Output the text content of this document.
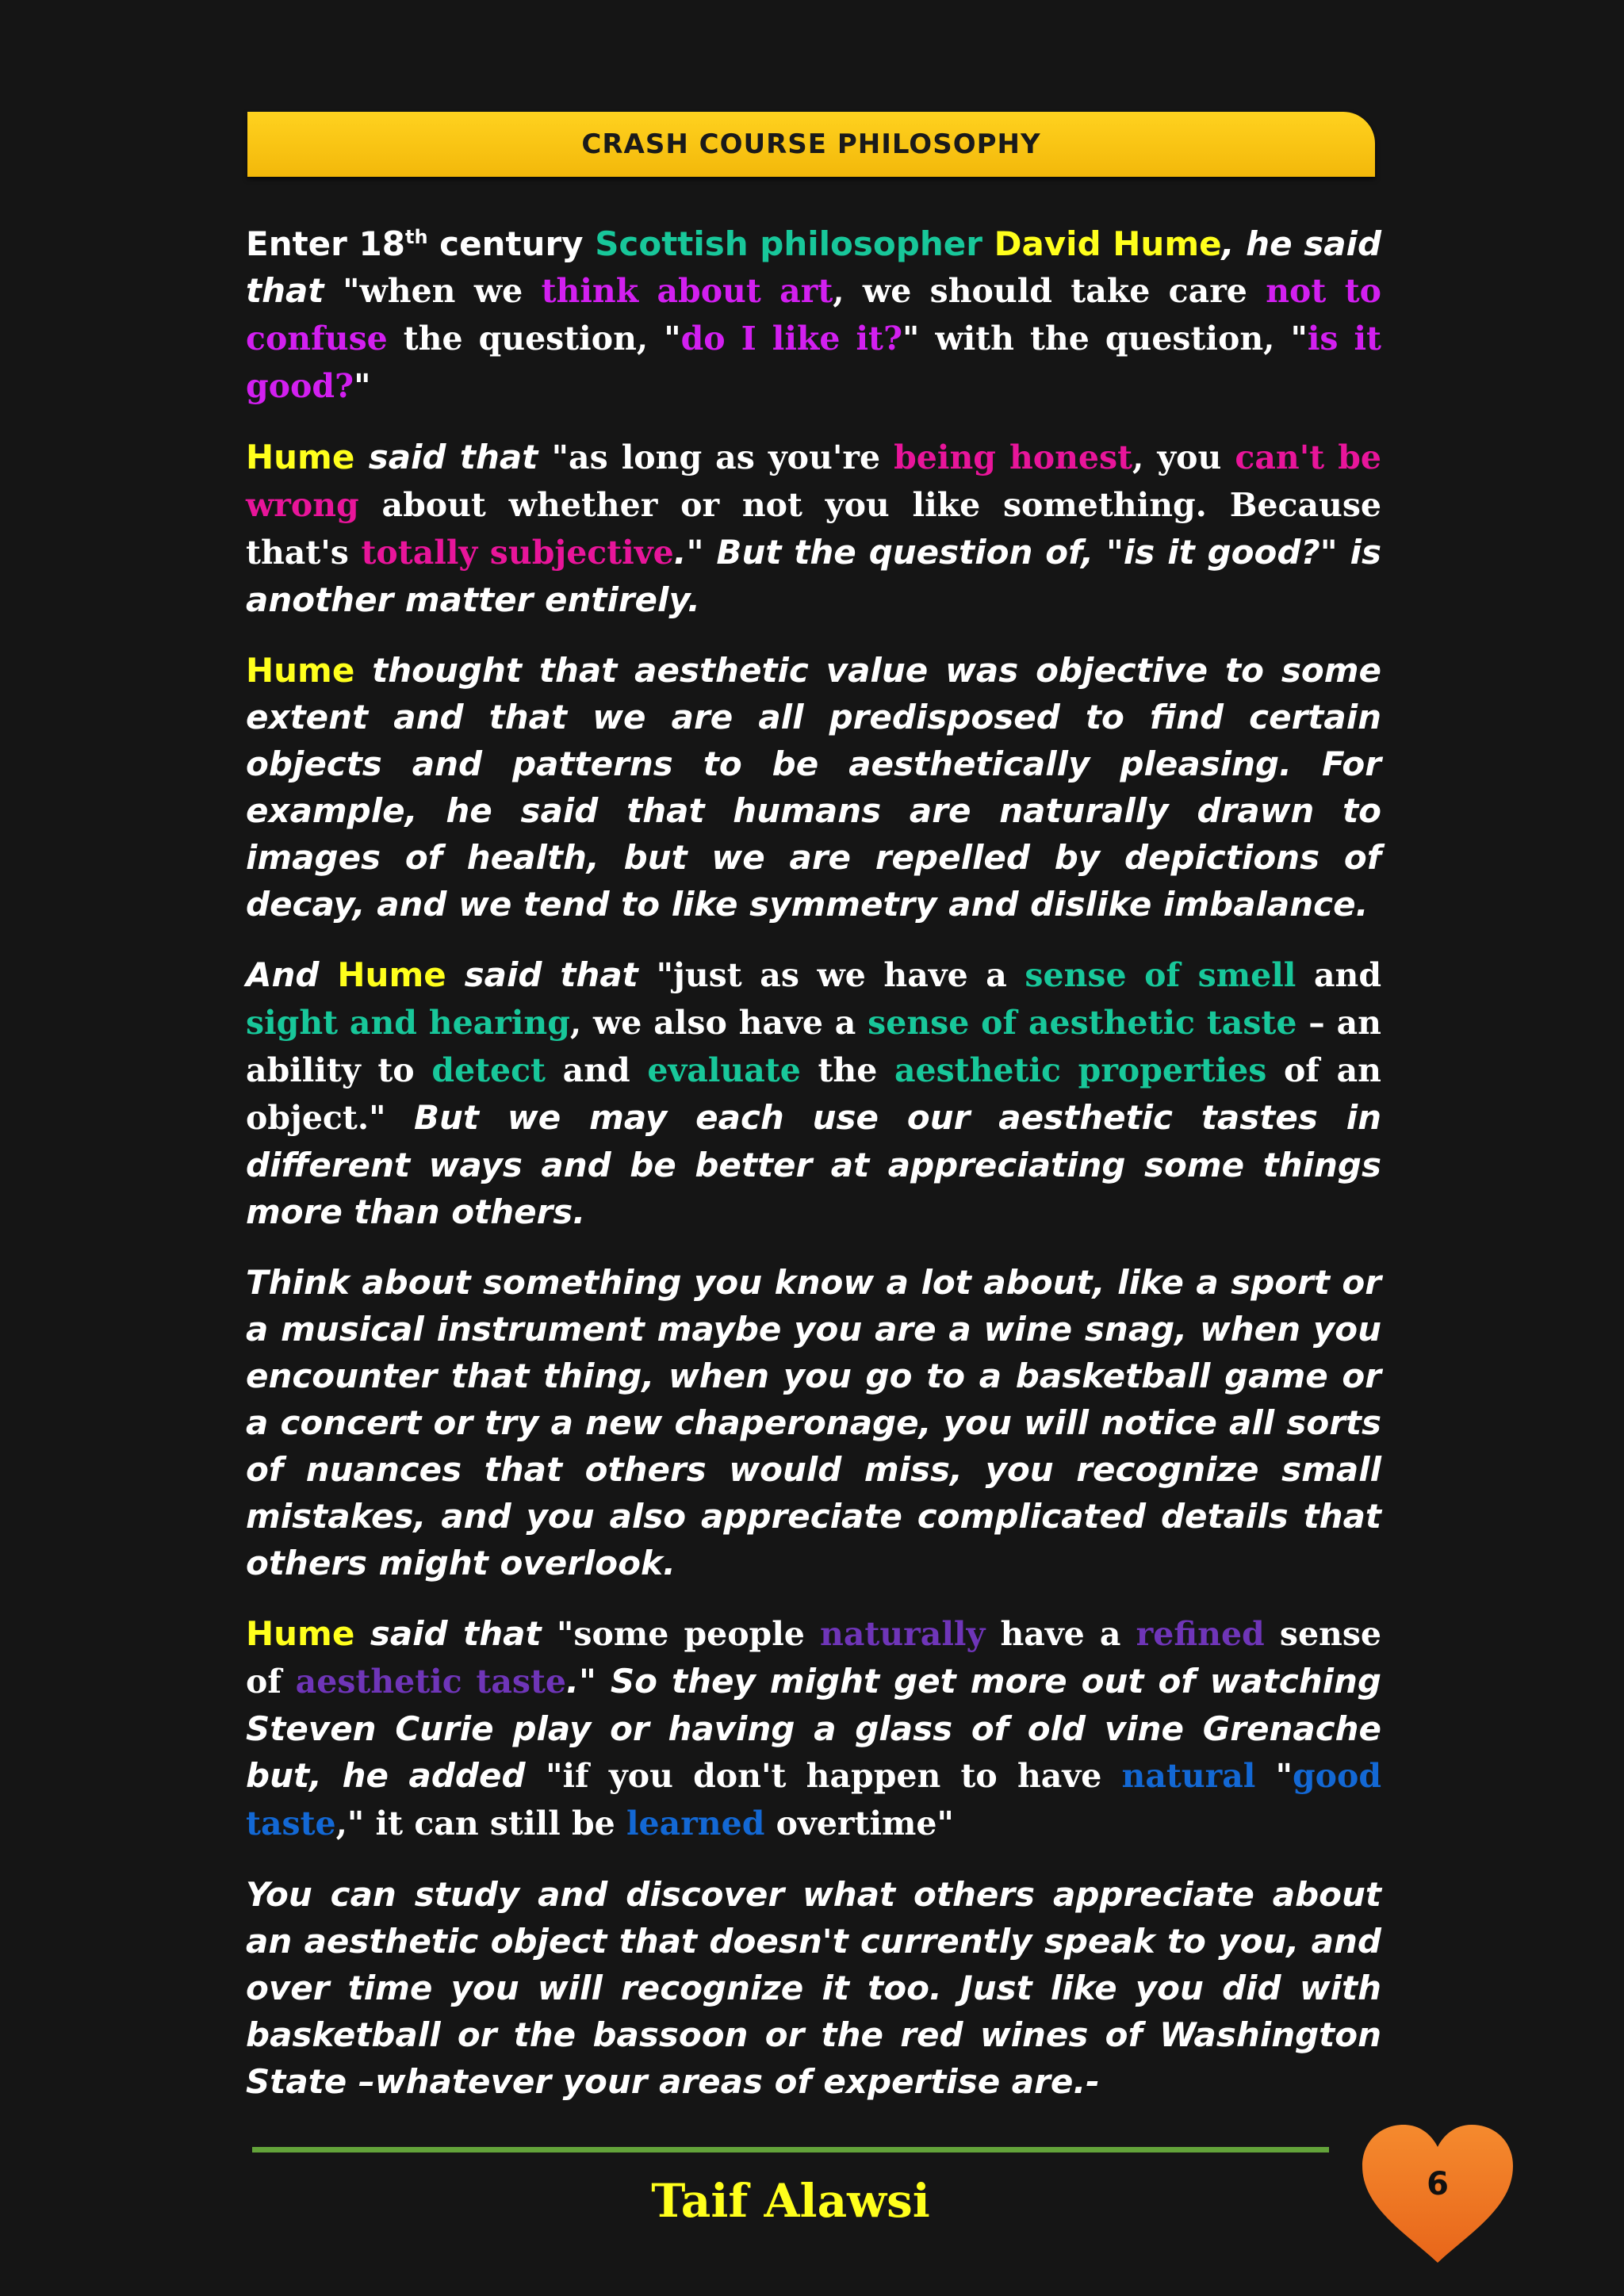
CRASH COURSE PHILOSOPHY

Enter 18th century Scottish philosopher David Hume, he said that "when we think about art, we should take care not to confuse the question, "do I like it?" with the question, "is it good?"

Hume said that "as long as you're being honest, you can't be wrong about whether or not you like something. Because that's totally subjective." But the question of, "is it good?" is another matter entirely.

Hume thought that aesthetic value was objective to some extent and that we are all predisposed to find certain objects and patterns to be aesthetically pleasing. For example, he said that humans are naturally drawn to images of health, but we are repelled by depictions of decay, and we tend to like symmetry and dislike imbalance.

And Hume said that "just as we have a sense of smell and sight and hearing, we also have a sense of aesthetic taste – an ability to detect and evaluate the aesthetic properties of an object." But we may each use our aesthetic tastes in different ways and be better at appreciating some things more than others.

Think about something you know a lot about, like a sport or a musical instrument maybe you are a wine snag, when you encounter that thing, when you go to a basketball game or a concert or try a new chaperonage, you will notice all sorts of nuances that others would miss, you recognize small mistakes, and you also appreciate complicated details that others might overlook.

Hume said that "some people naturally have a refined sense of aesthetic taste." So they might get more out of watching Steven Curie play or having a glass of old vine Grenache but, he added "if you don't happen to have natural "good taste," it can still be learned overtime"

You can study and discover what others appreciate about an aesthetic object that doesn't currently speak to you, and over time you will recognize it too. Just like you did with basketball or the bassoon or the red wines of Washington State –whatever your areas of expertise are.-

Taif Alawsi	6
